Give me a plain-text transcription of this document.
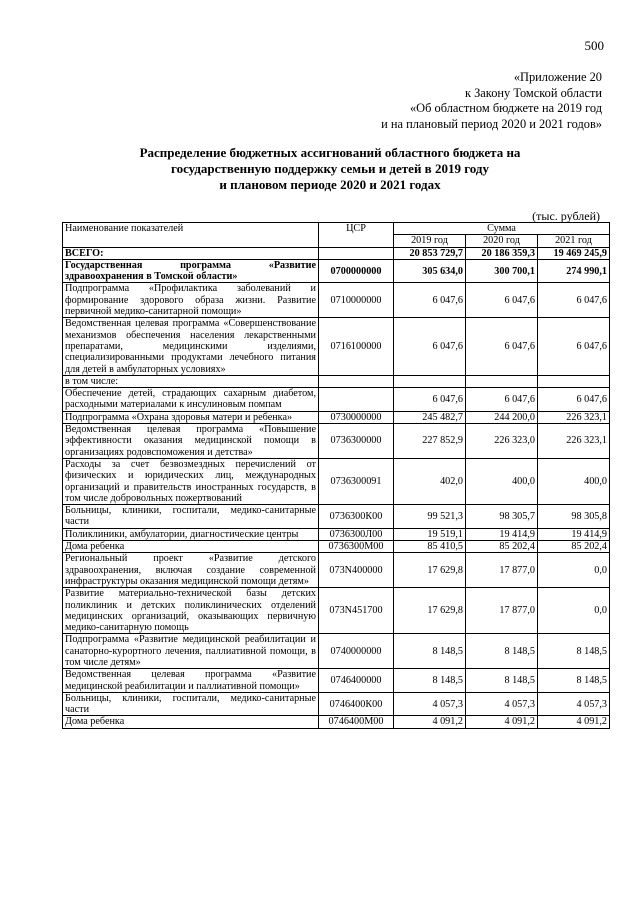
500
«Приложение 20
к Закону Томской области
«Об областном бюджете на 2019 год
и на плановый период 2020 и 2021 годов»
Распределение бюджетных ассигнований областного бюджета на
государственную поддержку семьи и детей в 2019 году
и плановом периоде 2020 и 2021 годах
(тыс. рублей)
Наименование показателей	ЦСР	Сумма		
		2019 год	2020 год	2021 год
ВСЕГО:		20 853 729,7	20 186 359,3	19 469 245,9
Государственная программа «Развитие здравоохранения в Томской области»	0700000000	305 634,0	300 700,1	274 990,1
Подпрограмма «Профилактика заболеваний и формирование здорового образа жизни. Развитие первичной медико-санитарной помощи»	0710000000	6 047,6	6 047,6	6 047,6
Ведомственная целевая программа «Совершенствование механизмов обеспечения населения лекарственными препаратами, медицинскими изделиями, специализированными продуктами лечебного питания для детей в амбулаторных условиях»	0716100000	6 047,6	6 047,6	6 047,6
в том числе:				
Обеспечение детей, страдающих сахарным диабетом, расходными материалами к инсулиновым помпам		6 047,6	6 047,6	6 047,6
Подпрограмма «Охрана здоровья матери и ребенка»	0730000000	245 482,7	244 200,0	226 323,1
Ведомственная целевая программа «Повышение эффективности оказания медицинской помощи в организациях родовспоможения и детства»	0736300000	227 852,9	226 323,0	226 323,1
Расходы за счет безвозмездных перечислений от физических и юридических лиц, международных организаций и правительств иностранных государств, в том числе добровольных пожертвований	0736300091	402,0	400,0	400,0
Больницы, клиники, госпитали, медико-санитарные части	0736300К00	99 521,3	98 305,7	98 305,8
Поликлиники, амбулатории, диагностические центры	0736300Л00	19 519,1	19 414,9	19 414,9
Дома ребенка	0736300М00	85 410,5	85 202,4	85 202,4
Региональный проект «Развитие детского здравоохранения, включая создание современной инфраструктуры оказания медицинской помощи детям»	073N400000	17 629,8	17 877,0	0,0
Развитие материально-технической базы детских поликлиник и детских поликлинических отделений медицинских организаций, оказывающих первичную медико-санитарную помощь	073N451700	17 629,8	17 877,0	0,0
Подпрограмма «Развитие медицинской реабилитации и санаторно-курортного лечения, паллиативной помощи, в том числе детям»	0740000000	8 148,5	8 148,5	8 148,5
Ведомственная целевая программа «Развитие медицинской реабилитации и паллиативной помощи»	0746400000	8 148,5	8 148,5	8 148,5
Больницы, клиники, госпитали, медико-санитарные части	0746400К00	4 057,3	4 057,3	4 057,3
Дома ребенка	0746400М00	4 091,2	4 091,2	4 091,2
